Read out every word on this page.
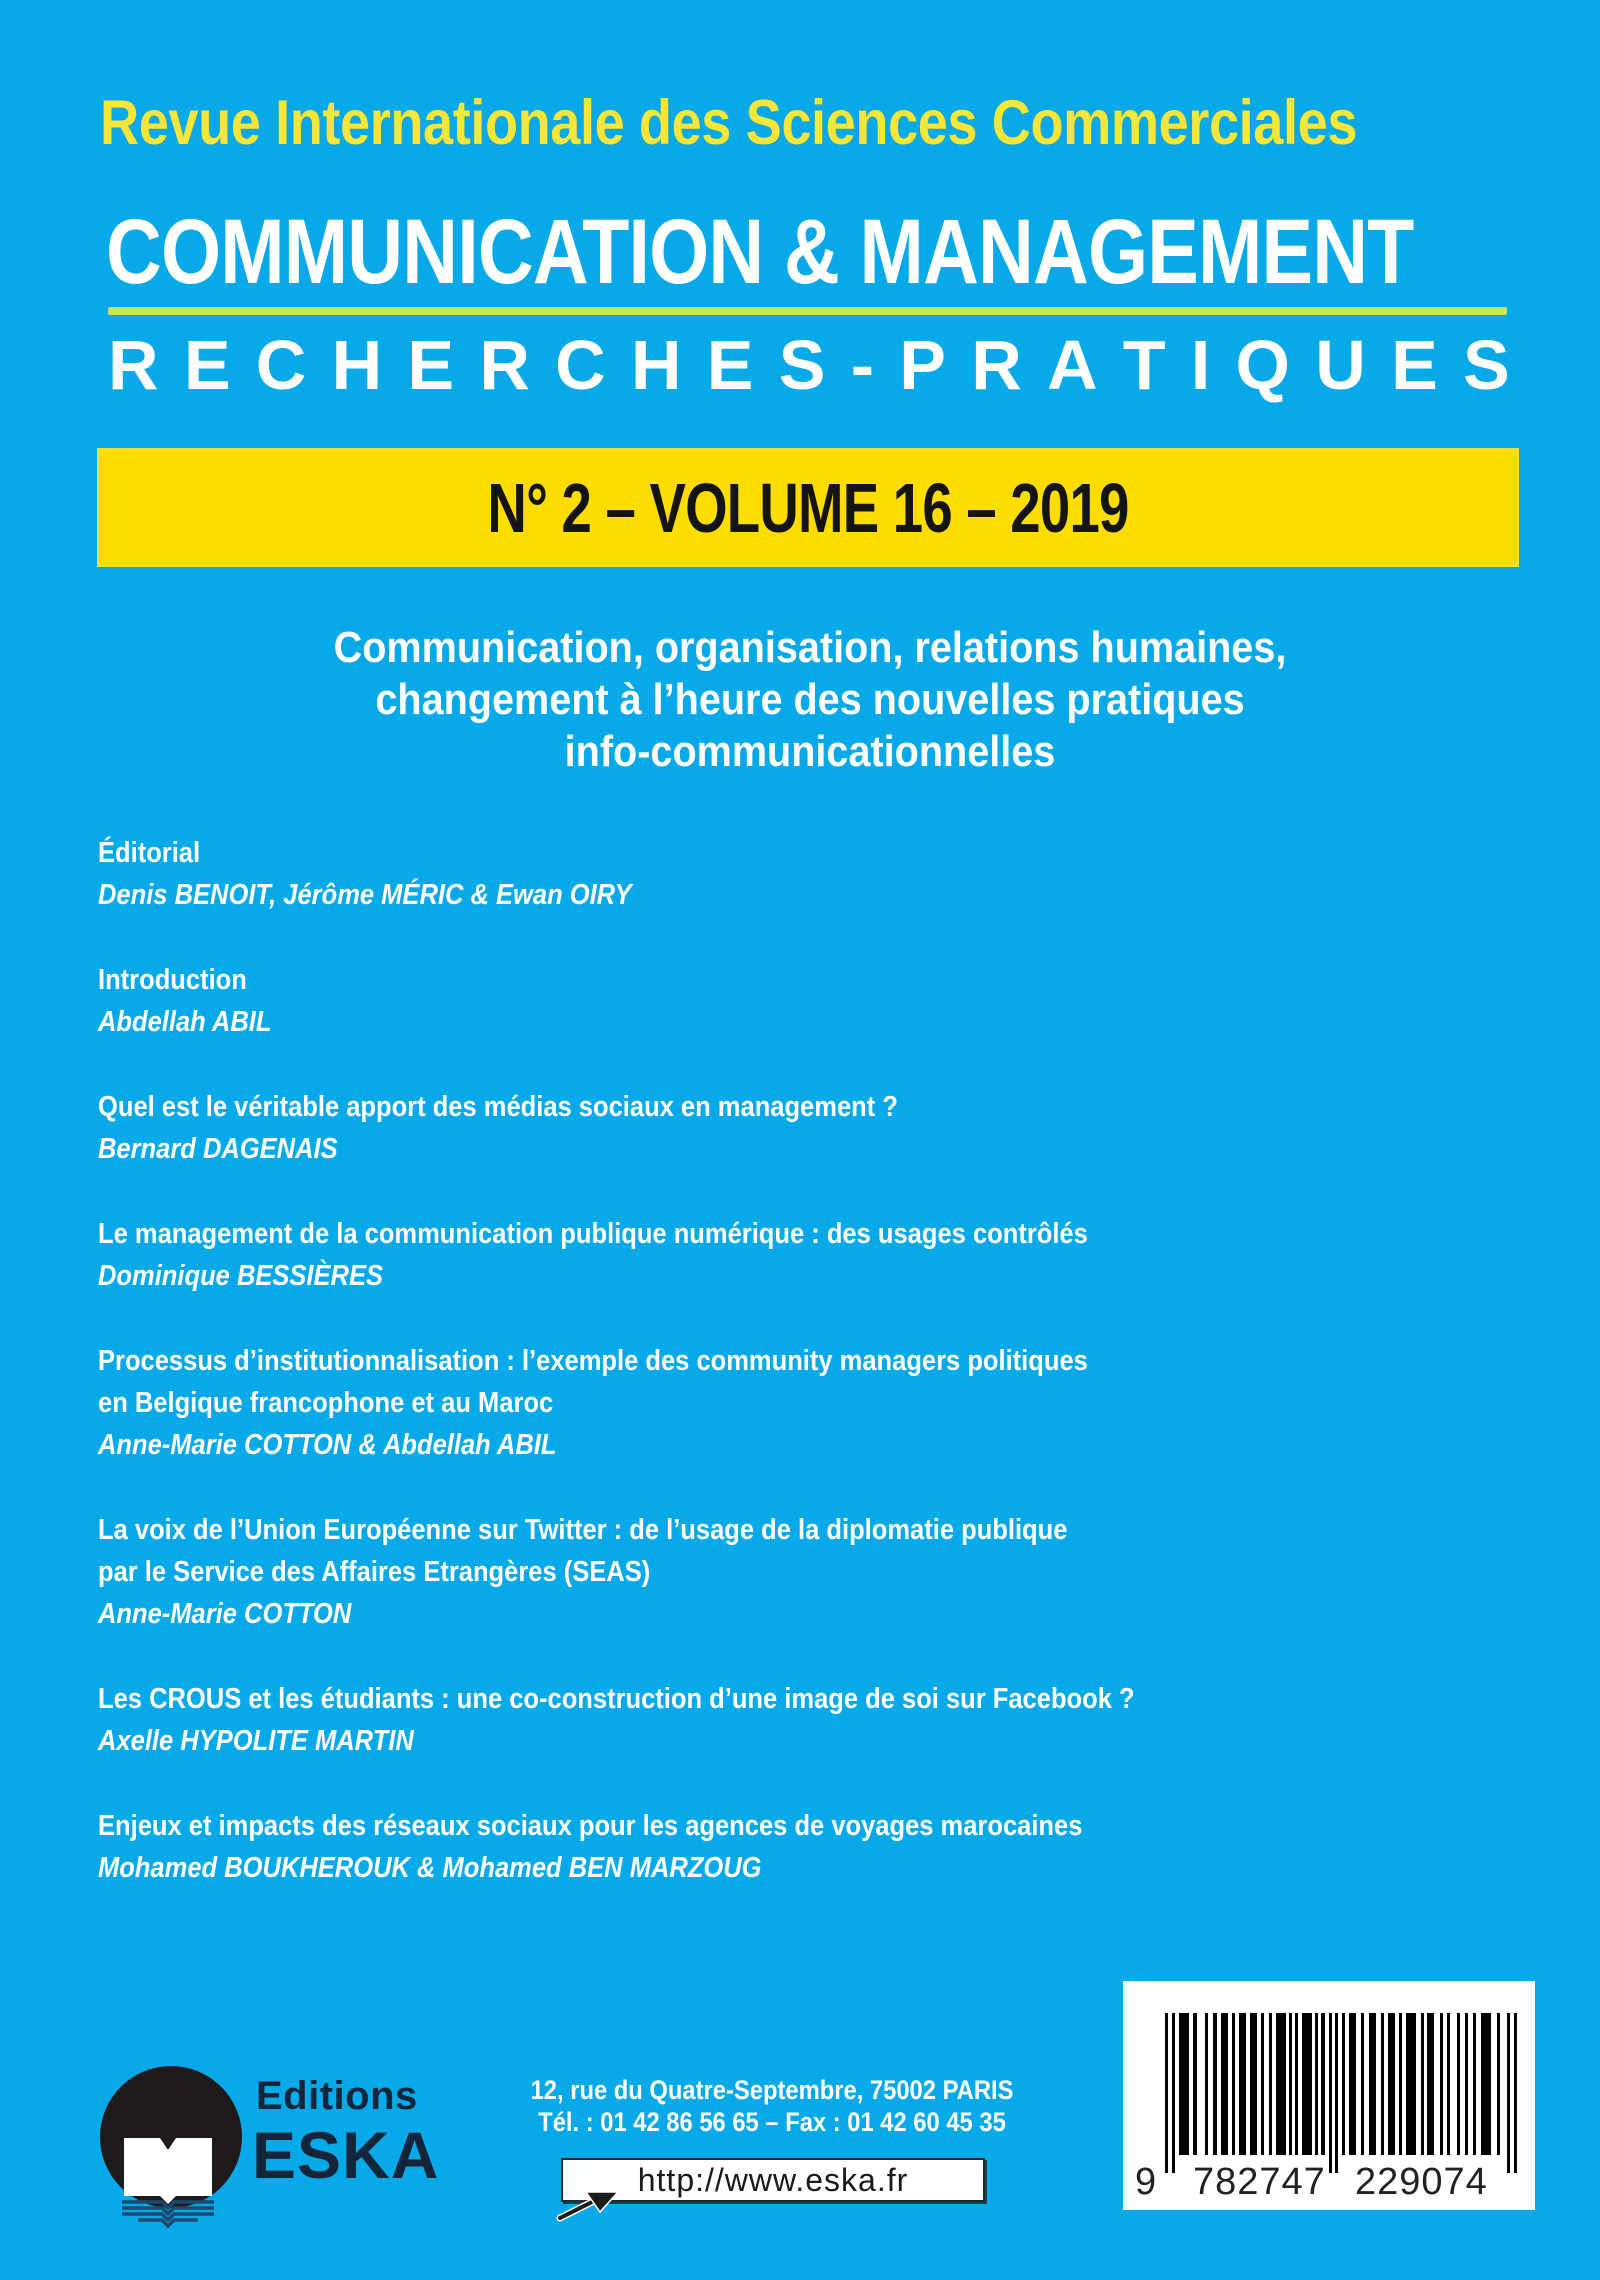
Revue Internationale des Sciences Commerciales
COMMUNICATION & MANAGEMENT
R E C H E R C H E S - P R A T I Q U E S
N° 2 – VOLUME 16 – 2019
Communication, organisation, relations humaines,
changement à l’heure des nouvelles pratiques
info-communicationnelles
Éditorial
Denis BENOIT, Jérôme MÉRIC & Ewan OIRY
Introduction
Abdellah ABIL
Quel est le véritable apport des médias sociaux en management ?
Bernard DAGENAIS
Le management de la communication publique numérique : des usages contrôlés
Dominique BESSIÈRES
Processus d’institutionnalisation : l’exemple des community managers politiques
en Belgique francophone et au Maroc
Anne-Marie COTTON & Abdellah ABIL
La voix de l’Union Européenne sur Twitter : de l’usage de la diplomatie publique
par le Service des Affaires Etrangères (SEAS)
Anne-Marie COTTON
Les CROUS et les étudiants : une co-construction d’une image de soi sur Facebook ?
Axelle HYPOLITE MARTIN
Enjeux et impacts des réseaux sociaux pour les agences de voyages marocaines
Mohamed BOUKHEROUK & Mohamed BEN MARZOUG
Editions
ESKA
12, rue du Quatre-Septembre, 75002 PARIS
Tél. : 01 42 86 56 65 – Fax : 01 42 60 45 35
http://www.eska.fr	9 782747 229074
